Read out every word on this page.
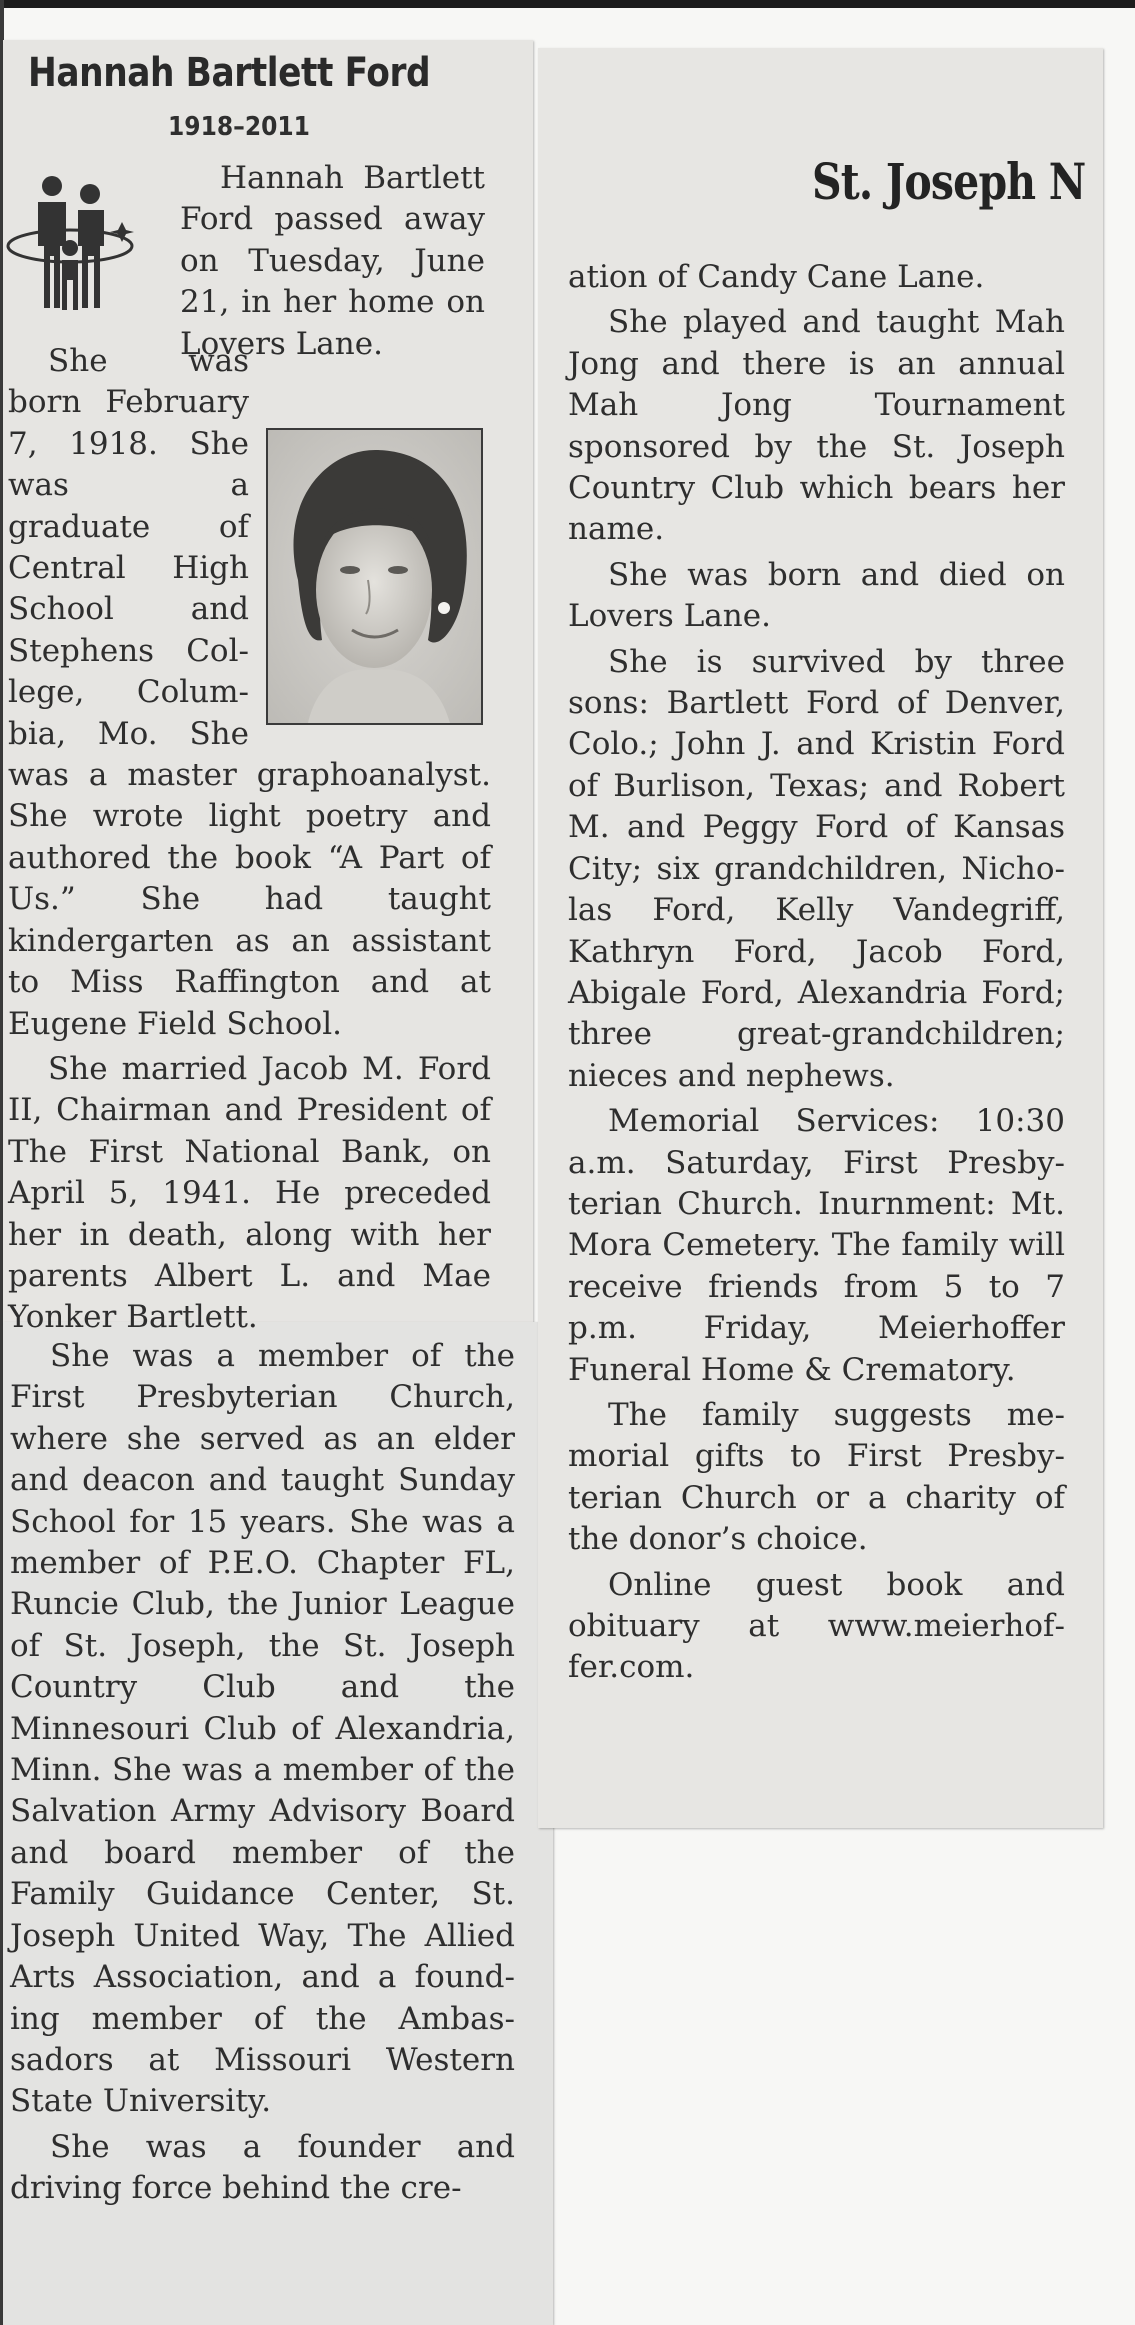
Hannah Bartlett Ford
1918–2011
St. Joseph N

Hannah Bartlett Ford passed away on Tuesday, June 21, in her home on Lovers Lane.

She was born February 7, 1918. She was a graduate of Central High School and Stephens College, Columbia, Mo. She was a master graphoanalyst. She wrote light poetry and authored the book “A Part of Us.” She had taught kindergarten as an assistant to Miss Raffington and at Eugene Field School.

She married Jacob M. Ford II, Chairman and President of The First National Bank, on April 5, 1941. He preceded her in death, along with her parents Albert L. and Mae Yonker Bartlett.

She was a member of the First Presbyterian Church, where she served as an elder and deacon and taught Sunday School for 15 years. She was a member of P.E.O. Chapter FL, Runcie Club, the Junior League of St. Joseph, the St. Joseph Country Club and the Minnesouri Club of Alexandria, Minn. She was a member of the Salvation Army Advisory Board and board member of the Family Guidance Center, St. Joseph United Way, The Allied Arts Association, and a founding member of the Ambassadors at Missouri Western State University.

She was a founder and driving force behind the cre-

ation of Candy Cane Lane.

She played and taught Mah Jong and there is an annual Mah Jong Tournament sponsored by the St. Joseph Country Club which bears her name.

She was born and died on Lovers Lane.

She is survived by three sons: Bartlett Ford of Denver, Colo.; John J. and Kristin Ford of Burlison, Texas; and Robert M. and Peggy Ford of Kansas City; six grandchildren, Nicholas Ford, Kelly Vandegriff, Kathryn Ford, Jacob Ford, Abigale Ford, Alexandria Ford; three great-grandchildren; nieces and nephews.

Memorial Services: 10:30 a.m. Saturday, First Presbyterian Church. Inurnment: Mt. Mora Cemetery. The family will receive friends from 5 to 7 p.m. Friday, Meierhoffer Funeral Home & Crematory.

The family suggests memorial gifts to First Presbyterian Church or a charity of the donor’s choice.

Online guest book and obituary at www.meierhoffer.com.
